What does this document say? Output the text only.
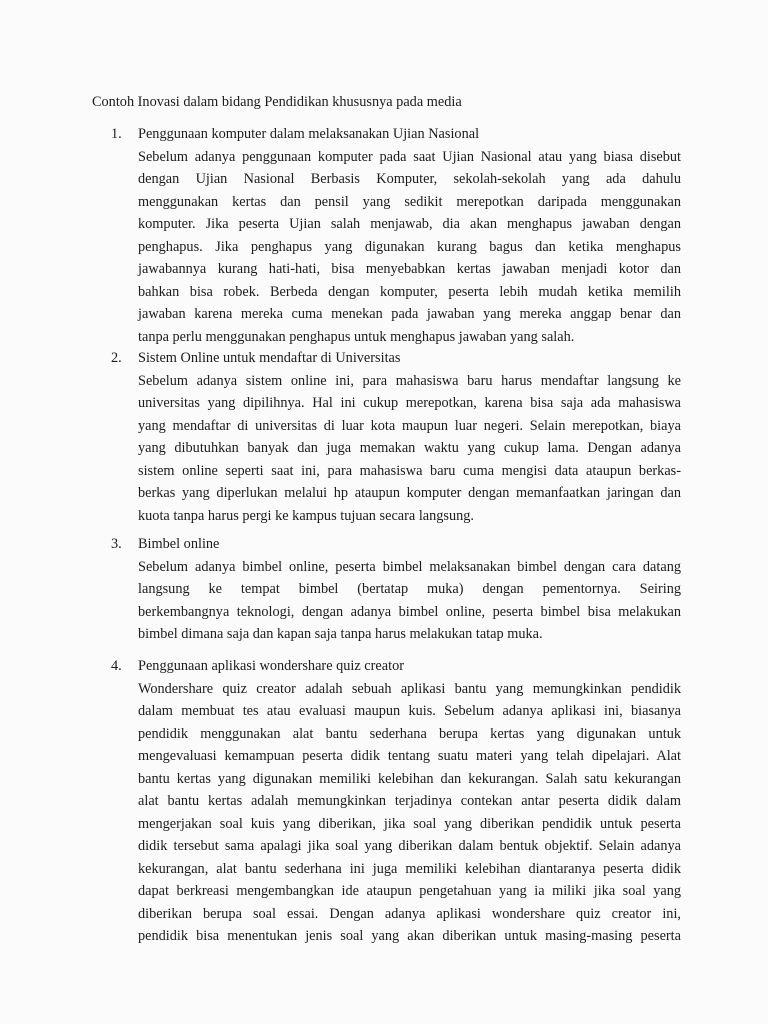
Contoh Inovasi dalam bidang Pendidikan khususnya pada media
1.	Penggunaan komputer dalam melaksanakan Ujian Nasional
Sebelum adanya penggunaan komputer pada saat Ujian Nasional atau yang biasa disebut
dengan Ujian Nasional Berbasis Komputer, sekolah-sekolah yang ada dahulu
menggunakan kertas dan pensil yang sedikit merepotkan daripada menggunakan
komputer. Jika peserta Ujian salah menjawab, dia akan menghapus jawaban dengan
penghapus. Jika penghapus yang digunakan kurang bagus dan ketika menghapus
jawabannya kurang hati-hati, bisa menyebabkan kertas jawaban menjadi kotor dan
bahkan bisa robek. Berbeda dengan komputer, peserta lebih mudah ketika memilih
jawaban karena mereka cuma menekan pada jawaban yang mereka anggap benar dan
tanpa perlu menggunakan penghapus untuk menghapus jawaban yang salah.
2.	Sistem Online untuk mendaftar di Universitas
Sebelum adanya sistem online ini, para mahasiswa baru harus mendaftar langsung ke
universitas yang dipilihnya. Hal ini cukup merepotkan, karena bisa saja ada mahasiswa
yang mendaftar di universitas di luar kota maupun luar negeri. Selain merepotkan, biaya
yang dibutuhkan banyak dan juga memakan waktu yang cukup lama. Dengan adanya
sistem online seperti saat ini, para mahasiswa baru cuma mengisi data ataupun berkas-
berkas yang diperlukan melalui hp ataupun komputer dengan memanfaatkan jaringan dan
kuota tanpa harus pergi ke kampus tujuan secara langsung.
3.	Bimbel online
Sebelum adanya bimbel online, peserta bimbel melaksanakan bimbel dengan cara datang
langsung ke tempat bimbel (bertatap muka) dengan pementornya. Seiring
berkembangnya teknologi, dengan adanya bimbel online, peserta bimbel bisa melakukan
bimbel dimana saja dan kapan saja tanpa harus melakukan tatap muka.
4.	Penggunaan aplikasi wondershare quiz creator
Wondershare quiz creator adalah sebuah aplikasi bantu yang memungkinkan pendidik
dalam membuat tes atau evaluasi maupun kuis. Sebelum adanya aplikasi ini, biasanya
pendidik menggunakan alat bantu sederhana berupa kertas yang digunakan untuk
mengevaluasi kemampuan peserta didik tentang suatu materi yang telah dipelajari. Alat
bantu kertas yang digunakan memiliki kelebihan dan kekurangan. Salah satu kekurangan
alat bantu kertas adalah memungkinkan terjadinya contekan antar peserta didik dalam
mengerjakan soal kuis yang diberikan, jika soal yang diberikan pendidik untuk peserta
didik tersebut sama apalagi jika soal yang diberikan dalam bentuk objektif. Selain adanya
kekurangan, alat bantu sederhana ini juga memiliki kelebihan diantaranya peserta didik
dapat berkreasi mengembangkan ide ataupun pengetahuan yang ia miliki jika soal yang
diberikan berupa soal essai. Dengan adanya aplikasi wondershare quiz creator ini,
pendidik bisa menentukan jenis soal yang akan diberikan untuk masing-masing peserta
